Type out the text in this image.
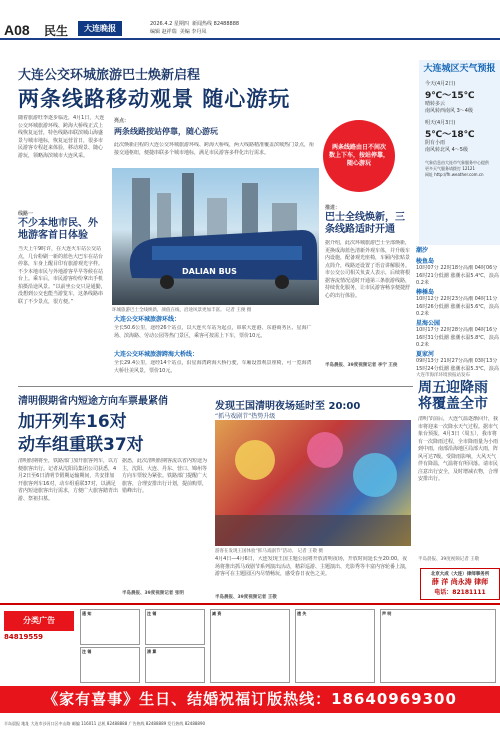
A08 民生	大连晚报	2026.4.2 星期四 新闻热线 82488888
编辑 赵祥瑞 美编 李丹凤
大连公交环城旅游巴士焕新启程
两条线路移动观景 随心游玩
随着旅游旺季逐步临近，4月1日，大连公交环城旅游环线、跨海大桥线正式上线恢复运营，特色线路串联滨城山海盛景与城市地标，恢复运营首日，很多市民游客专程赶来体验，移动观景、随心游玩，领略海滨城市大连风采。
线路一
不少本地市民、外地游客首日体验
当天上午9时许，在大连火车站公交站点，几台粉刷一新的蓝色大巴车在站台停靠，车身上醒目印有旅游观光字样。不少本地市民与外地游客早早等候在站台上。乘车后，市民游客纷纷拿出手机拍摄沿途风景。“以前坐公交只是通勤，没想到公交也能当游览车，这条线路串联了不少景点，很方便。”
亮点：
两条线路按站停靠，随心游玩
此次焕新启程的大连公交环城旅游环线、跨海大桥线，两大线路精准覆盖滨城热门景点，衔接交通枢纽，便捷串联多个城市地标，满足市民游客多样化出行需求。
两条线路由日不间次 数上下车，按站停靠，随心游玩
DALIAN BUS
环城旅游巴士全线焕新，颜值在线，沿途风景更加丰富。 记者 王俊 摄
大连公交环城旅游环线：
全长50.6公里，途经26个站点，以大连火车站为起点，串联大连港、东港商务区、星海广场、滨海路、劳动公园等热门景区，乘客可按需上下车，票价10元。
大连公交环城旅游跨海大桥线：
全长29.4公里，途经14个站点，沿星海湾跨海大桥行驶，车厢设置观景座椅，可一览海湾大桥壮美风景，票价10元。
推进：
巴士全线焕新，三条线路适时开通
据介绍，此次环城旅游巴士全部焕新，更换成海蓝色清新外观车体，并升级车内设施，配备观光座椅，车厢内张贴景点简介，线路还设置了语音讲解服务。市公交公司相关负责人表示，后续将根据客流情况适时开通第三条旅游线路，持续优化服务，让市民游客畅享便捷舒心的出行体验。
半岛晨报、39度视频记者 李宁 王俊
大连城区天气预报
今天(4月2日)
9℃～15℃
晴转多云
南风转西南风 3～4级
明天(4月3日)
5℃～18℃
阴有小雨
南风转北风 4～5级
气象信息由大连市气象服务中心提供
更多天气服务请拨打 12121
网址 http://fh.weather.com.cn
潮汐
梭鱼岛
10时07分 22时18分高潮 04时06分 16时21分低潮 涨潮水温5.4℃，浪高0.2米
棒棰岛
10时12分 22时23分高潮 04时11分 16时26分低潮 涨潮水温5.6℃，浪高0.2米
星海公园
10时17分 22时28分高潮 04时16分 16时31分低潮 涨潮水温5.8℃，浪高0.2米
夏家河
09时13分 21时27分高潮 03时13分 15时24分低潮 涨潮水温5.3℃，浪高
大连市海洋环境预报站发布
周五迎降雨 将覆盖全市
清明节前后，大连气温逐渐回升，我市将迎来一次降水天气过程。据市气象台预报，4月3日（周五），我市将有一次降雨过程，全市降雨量为小雨到中雨，南部沿海地区局部大雨，阵风可达7级。受降雨影响，大风天气伴有降温，气温将有所回落。请市民注意出行安全，及时增减衣物，合理安排出行。
半岛晨报、39度视频记者 王敬
清明假期省内短途方向车票最紧俏
加开列车16对
动车组重联37对
清明假期将至，铁路部门加开旅客列车，以方便旅客出行。记者从沈阳局集团公司获悉，4月2日至6日清明节假期运输期间，共安排加开旅客列车16对，动车组重联37对，以满足省内短途旅客出行需求，方便广大旅客踏青出游、祭祖扫墓。
据悉，此次清明假期客流以省内短途为主，沈阳、大连、丹东、营口、锦州等方向车票较为紧张。铁路部门提醒广大旅客，合理安排出行计划，提前购票，错峰出行。
半岛晨报、39度视频记者 张明
发现王国清明夜场延时至 20:00
“抓马戏剧节”热势升级
游客在发现王国体验“抓马戏剧节”活动。 记者 王敬 摄
4月4日—4月6日，大连发现王国主题公园将开放清明夜场，开放时间延长至20:00。夜场将推出抓马戏剧节系列演出活动，精彩巡游、主题演出、光影秀等丰富内容轮番上演，游客可在主题园区内尽情畅玩，感受春日夜色之美。
半岛晨报、39度视频记者 王敬
北京大成（大连）律师事务所
薛 洋 尚永涛 律师
电话：82181111
分类广告
84819559
通 知
注 销
注 销
清 算
减 资	遗 失	声 明
《家有喜事》生日、结婚祝福订版热线：18640969300
半岛晨报 地址 大连市沙河口区中山路 邮编 116011 总机 82488888 广告热线 82488889 发行热线 82488890
